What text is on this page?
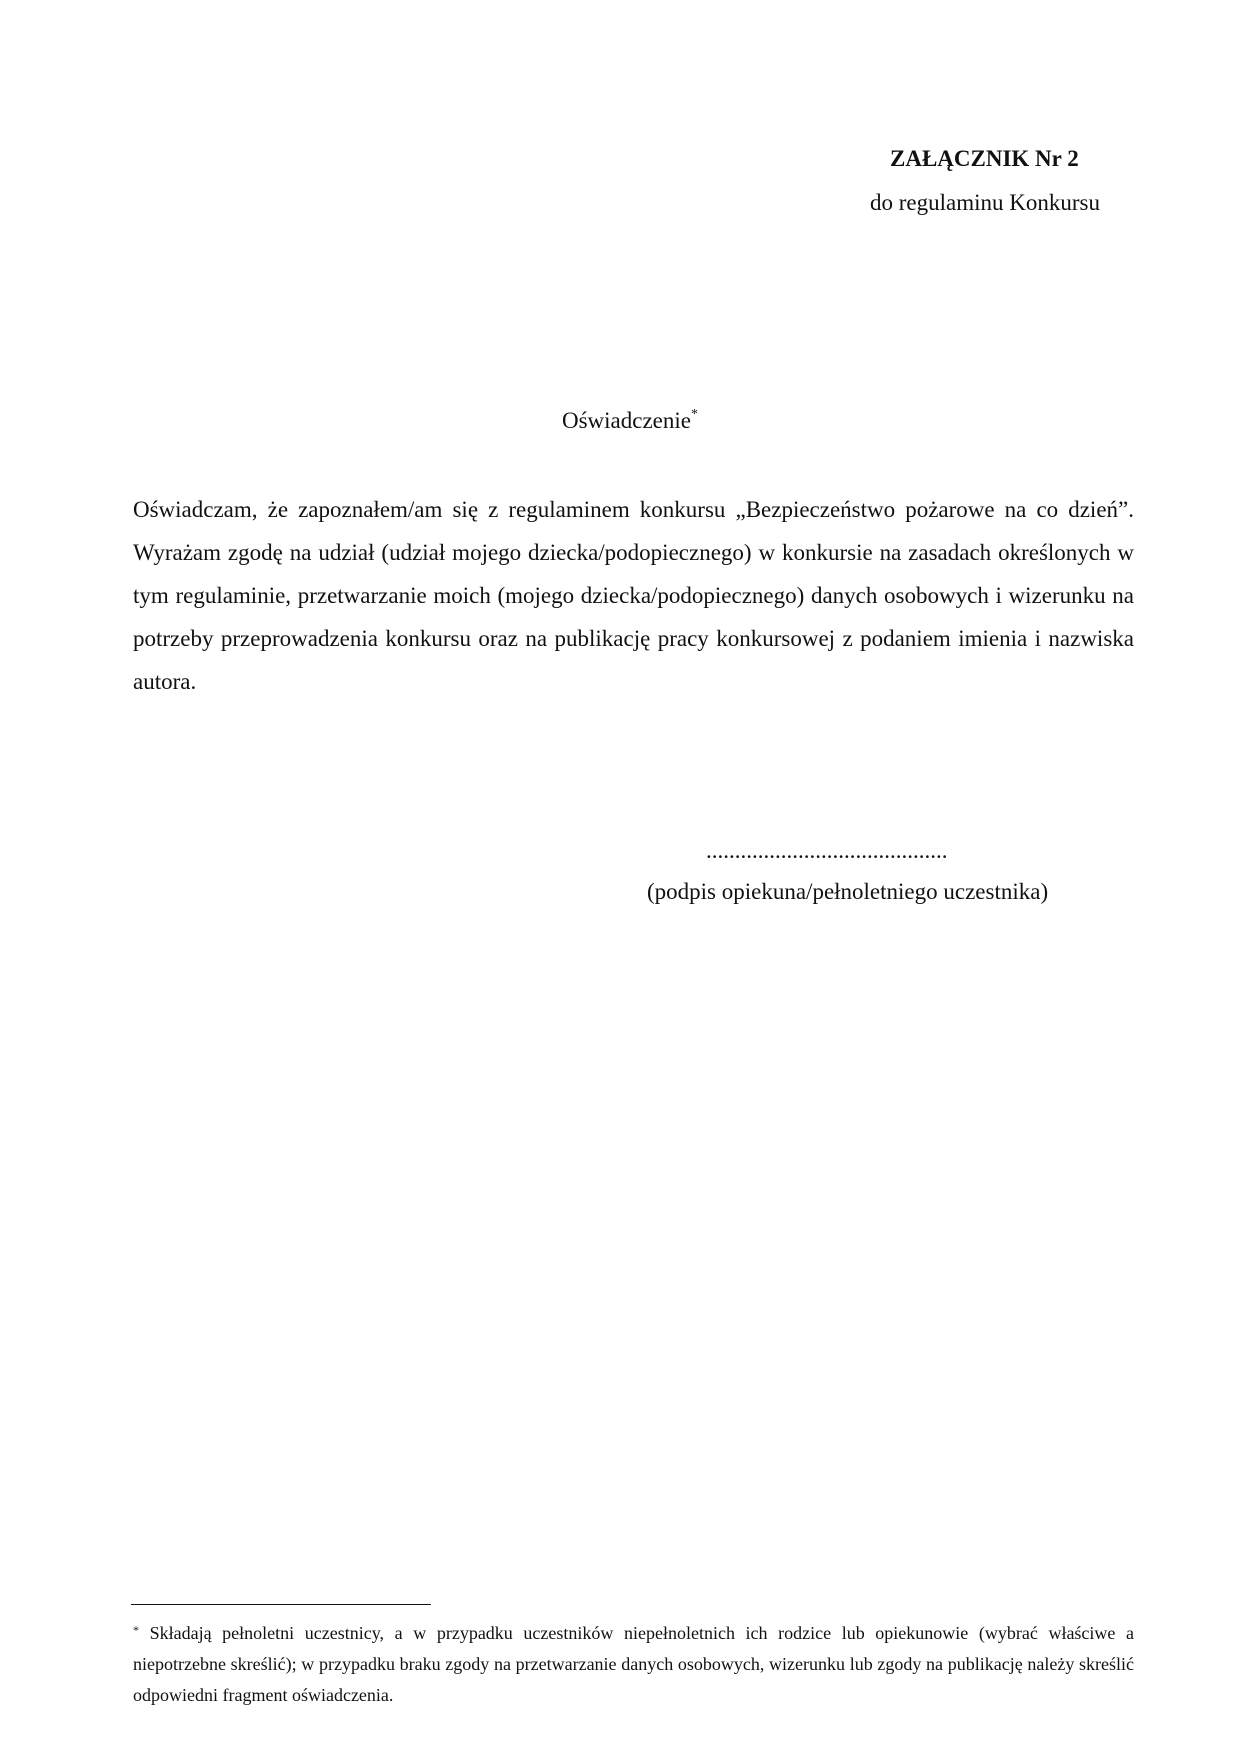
ZAŁĄCZNIK Nr 2
do regulaminu Konkursu
Oświadczenie*

Oświadczam, że zapoznałem/am się z regulaminem konkursu „Bezpieczeństwo pożarowe na co dzień”. Wyrażam zgodę na udział (udział mojego dziecka/podopiecznego) w konkursie na zasadach określonych w tym regulaminie, przetwarzanie moich (mojego dziecka/podopiecznego) danych osobowych i wizerunku na potrzeby przeprowadzenia konkursu oraz na publikację pracy konkursowej z podaniem imienia i nazwiska autora.

..........................................
(podpis opiekuna/pełnoletniego uczestnika)

* Składają pełnoletni uczestnicy, a w przypadku uczestników niepełnoletnich ich rodzice lub opiekunowie (wybrać właściwe a niepotrzebne skreślić); w przypadku braku zgody na przetwarzanie danych osobowych, wizerunku lub zgody na publikację należy skreślić odpowiedni fragment oświadczenia.
